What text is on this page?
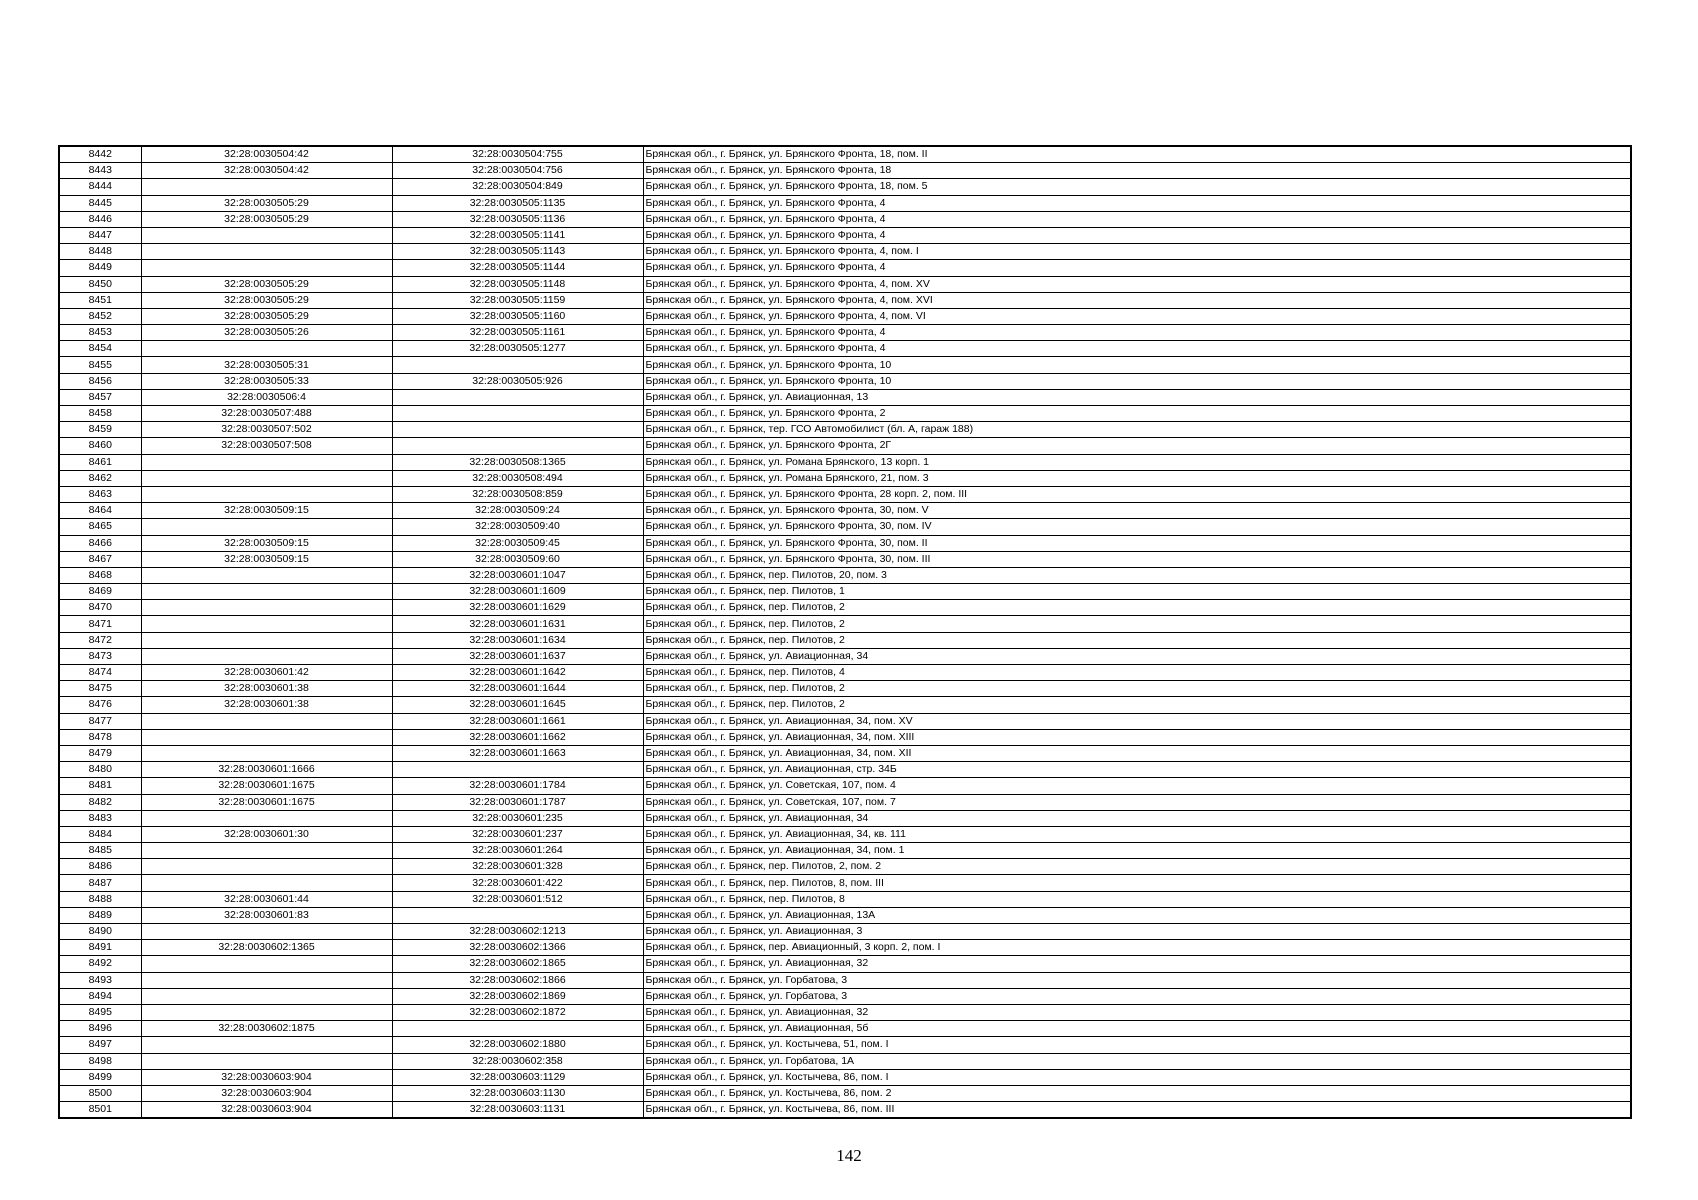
8442	32:28:0030504:42	32:28:0030504:755	Брянская обл., г. Брянск, ул. Брянского Фронта, 18, пом. II
8443	32:28:0030504:42	32:28:0030504:756	Брянская обл., г. Брянск, ул. Брянского Фронта, 18
8444		32:28:0030504:849	Брянская обл., г. Брянск, ул. Брянского Фронта, 18, пом. 5
8445	32:28:0030505:29	32:28:0030505:1135	Брянская обл., г. Брянск, ул. Брянского Фронта, 4
8446	32:28:0030505:29	32:28:0030505:1136	Брянская обл., г. Брянск, ул. Брянского Фронта, 4
8447		32:28:0030505:1141	Брянская обл., г. Брянск, ул. Брянского Фронта, 4
8448		32:28:0030505:1143	Брянская обл., г. Брянск, ул. Брянского Фронта, 4, пом. I
8449		32:28:0030505:1144	Брянская обл., г. Брянск, ул. Брянского Фронта, 4
8450	32:28:0030505:29	32:28:0030505:1148	Брянская обл., г. Брянск, ул. Брянского Фронта, 4, пом. XV
8451	32:28:0030505:29	32:28:0030505:1159	Брянская обл., г. Брянск, ул. Брянского Фронта, 4, пом. XVI
8452	32:28:0030505:29	32:28:0030505:1160	Брянская обл., г. Брянск, ул. Брянского Фронта, 4, пом. VI
8453	32:28:0030505:26	32:28:0030505:1161	Брянская обл., г. Брянск, ул. Брянского Фронта, 4
8454		32:28:0030505:1277	Брянская обл., г. Брянск, ул. Брянского Фронта, 4
8455	32:28:0030505:31		Брянская обл., г. Брянск, ул. Брянского Фронта, 10
8456	32:28:0030505:33	32:28:0030505:926	Брянская обл., г. Брянск, ул. Брянского Фронта, 10
8457	32:28:0030506:4		Брянская обл., г. Брянск, ул. Авиационная, 13
8458	32:28:0030507:488		Брянская обл., г. Брянск, ул. Брянского Фронта, 2
8459	32:28:0030507:502		Брянская обл., г. Брянск, тер. ГСО Автомобилист (бл. А, гараж 188)
8460	32:28:0030507:508		Брянская обл., г. Брянск, ул. Брянского Фронта, 2Г
8461		32:28:0030508:1365	Брянская обл., г. Брянск, ул. Романа Брянского, 13 корп. 1
8462		32:28:0030508:494	Брянская обл., г. Брянск, ул. Романа Брянского, 21, пом. 3
8463		32:28:0030508:859	Брянская обл., г. Брянск, ул. Брянского Фронта, 28 корп. 2, пом. III
8464	32:28:0030509:15	32:28:0030509:24	Брянская обл., г. Брянск, ул. Брянского Фронта, 30, пом. V
8465		32:28:0030509:40	Брянская обл., г. Брянск, ул. Брянского Фронта, 30, пом. IV
8466	32:28:0030509:15	32:28:0030509:45	Брянская обл., г. Брянск, ул. Брянского Фронта, 30, пом. II
8467	32:28:0030509:15	32:28:0030509:60	Брянская обл., г. Брянск, ул. Брянского Фронта, 30, пом. III
8468		32:28:0030601:1047	Брянская обл., г. Брянск, пер. Пилотов, 20, пом. 3
8469		32:28:0030601:1609	Брянская обл., г. Брянск, пер. Пилотов, 1
8470		32:28:0030601:1629	Брянская обл., г. Брянск, пер. Пилотов, 2
8471		32:28:0030601:1631	Брянская обл., г. Брянск, пер. Пилотов, 2
8472		32:28:0030601:1634	Брянская обл., г. Брянск, пер. Пилотов, 2
8473		32:28:0030601:1637	Брянская обл., г. Брянск, ул. Авиационная, 34
8474	32:28:0030601:42	32:28:0030601:1642	Брянская обл., г. Брянск, пер. Пилотов, 4
8475	32:28:0030601:38	32:28:0030601:1644	Брянская обл., г. Брянск, пер. Пилотов, 2
8476	32:28:0030601:38	32:28:0030601:1645	Брянская обл., г. Брянск, пер. Пилотов, 2
8477		32:28:0030601:1661	Брянская обл., г. Брянск, ул. Авиационная, 34, пом. XV
8478		32:28:0030601:1662	Брянская обл., г. Брянск, ул. Авиационная, 34, пом. XIII
8479		32:28:0030601:1663	Брянская обл., г. Брянск, ул. Авиационная, 34, пом. XII
8480	32:28:0030601:1666		Брянская обл., г. Брянск, ул. Авиационная, стр. 34Б
8481	32:28:0030601:1675	32:28:0030601:1784	Брянская обл., г. Брянск, ул. Советская, 107, пом. 4
8482	32:28:0030601:1675	32:28:0030601:1787	Брянская обл., г. Брянск, ул. Советская, 107, пом. 7
8483		32:28:0030601:235	Брянская обл., г. Брянск, ул. Авиационная, 34
8484	32:28:0030601:30	32:28:0030601:237	Брянская обл., г. Брянск, ул. Авиационная, 34, кв. 111
8485		32:28:0030601:264	Брянская обл., г. Брянск, ул. Авиационная, 34, пом. 1
8486		32:28:0030601:328	Брянская обл., г. Брянск, пер. Пилотов, 2, пом. 2
8487		32:28:0030601:422	Брянская обл., г. Брянск, пер. Пилотов, 8, пом. III
8488	32:28:0030601:44	32:28:0030601:512	Брянская обл., г. Брянск, пер. Пилотов, 8
8489	32:28:0030601:83		Брянская обл., г. Брянск, ул. Авиационная, 13А
8490		32:28:0030602:1213	Брянская обл., г. Брянск, ул. Авиационная, 3
8491	32:28:0030602:1365	32:28:0030602:1366	Брянская обл., г. Брянск, пер. Авиационный, 3 корп. 2, пом. I
8492		32:28:0030602:1865	Брянская обл., г. Брянск, ул. Авиационная, 32
8493		32:28:0030602:1866	Брянская обл., г. Брянск, ул. Горбатова, 3
8494		32:28:0030602:1869	Брянская обл., г. Брянск, ул. Горбатова, 3
8495		32:28:0030602:1872	Брянская обл., г. Брянск, ул. Авиационная, 32
8496	32:28:0030602:1875		Брянская обл., г. Брянск, ул. Авиационная, 5б
8497		32:28:0030602:1880	Брянская обл., г. Брянск, ул. Костычева, 51, пом. I
8498		32:28:0030602:358	Брянская обл., г. Брянск, ул. Горбатова, 1А
8499	32:28:0030603:904	32:28:0030603:1129	Брянская обл., г. Брянск, ул. Костычева, 86, пом. I
8500	32:28:0030603:904	32:28:0030603:1130	Брянская обл., г. Брянск, ул. Костычева, 86, пом. 2
8501	32:28:0030603:904	32:28:0030603:1131	Брянская обл., г. Брянск, ул. Костычева, 86, пом. III
142
